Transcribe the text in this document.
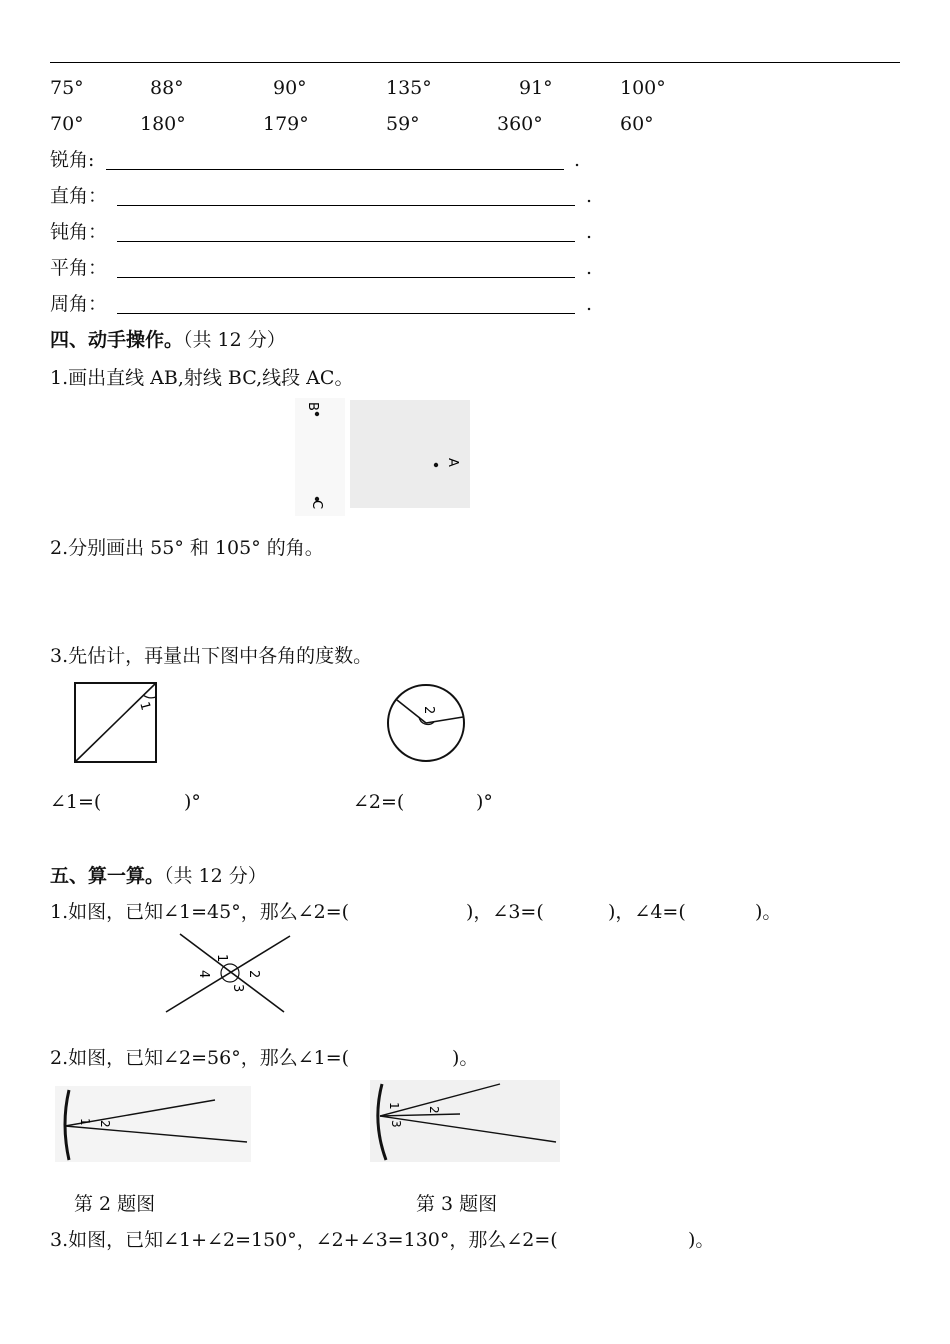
75°	88°	90°	135°	91°	100°
70°	180°	179°	59°	360°	60°
锐角:	.
直角：	.
钝角：	.
平角：	.
周角：	.
四、动手操作。（共 12 分）
1.画出直线 AB,射线 BC,线段 AC。
B
A
C
2.分别画出 55° 和 105° 的角。
3.先估计，再量出下图中各角的度数。
1	2
∠1=(	)°	∠2=(	)°
五、算一算。（共 12 分）
1.如图，已知∠1=45°，那么∠2=(	)，∠3=(	)，∠4=(	)。
1
2
3
4
2.如图，已知∠2=56°，那么∠1=(	)。
1 2
1
2
3
第 2 题图	第 3 题图
3.如图，已知∠1+∠2=150°，∠2+∠3=130°，那么∠2=(	)。
